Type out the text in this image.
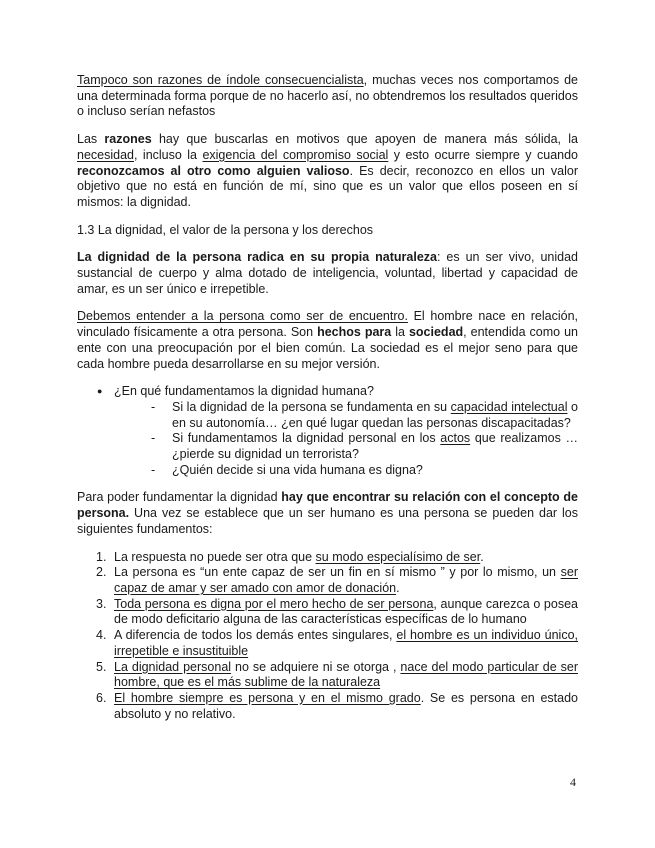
Tampoco son razones de índole consecuencialista, muchas veces nos comportamos de una determinada forma porque de no hacerlo así, no obtendremos los resultados queridos o incluso serían nefastos

Las razones hay que buscarlas en motivos que apoyen de manera más sólida, la necesidad, incluso la exigencia del compromiso social y esto ocurre siempre y cuando reconozcamos al otro como alguien valioso. Es decir, reconozco en ellos un valor objetivo que no está en función de mí, sino que es un valor que ellos poseen en sí mismos: la dignidad.

1.3 La dignidad, el valor de la persona y los derechos

La dignidad de la persona radica en su propia naturaleza: es un ser vivo, unidad sustancial de cuerpo y alma dotado de inteligencia, voluntad, libertad y capacidad de amar, es un ser único e irrepetible.

Debemos entender a la persona como ser de encuentro. El hombre nace en relación, vinculado físicamente a otra persona. Son hechos para la sociedad, entendida como un ente con una preocupación por el bien común. La sociedad es el mejor seno para que cada hombre pueda desarrollarse en su mejor versión.

● ¿En qué fundamentamos la dignidad humana?
- Si la dignidad de la persona se fundamenta en su capacidad intelectual o en su autonomía… ¿en qué lugar quedan las personas discapacitadas?
- Si fundamentamos la dignidad personal en los actos que realizamos … ¿pierde su dignidad un terrorista?
- ¿Quién decide si una vida humana es digna?

Para poder fundamentar la dignidad hay que encontrar su relación con el concepto de persona. Una vez se establece que un ser humano es una persona se pueden dar los siguientes fundamentos:

1. La respuesta no puede ser otra que su modo especialísimo de ser.
2. La persona es “un ente capaz de ser un fin en sí mismo ” y por lo mismo, un ser capaz de amar y ser amado con amor de donación.
3. Toda persona es digna por el mero hecho de ser persona, aunque carezca o posea de modo deficitario alguna de las características específicas de lo humano
4. A diferencia de todos los demás entes singulares, el hombre es un individuo único, irrepetible e insustituible
5. La dignidad personal no se adquiere ni se otorga , nace del modo particular de ser hombre, que es el más sublime de la naturaleza
6. El hombre siempre es persona y en el mismo grado. Se es persona en estado absoluto y no relativo.
4
